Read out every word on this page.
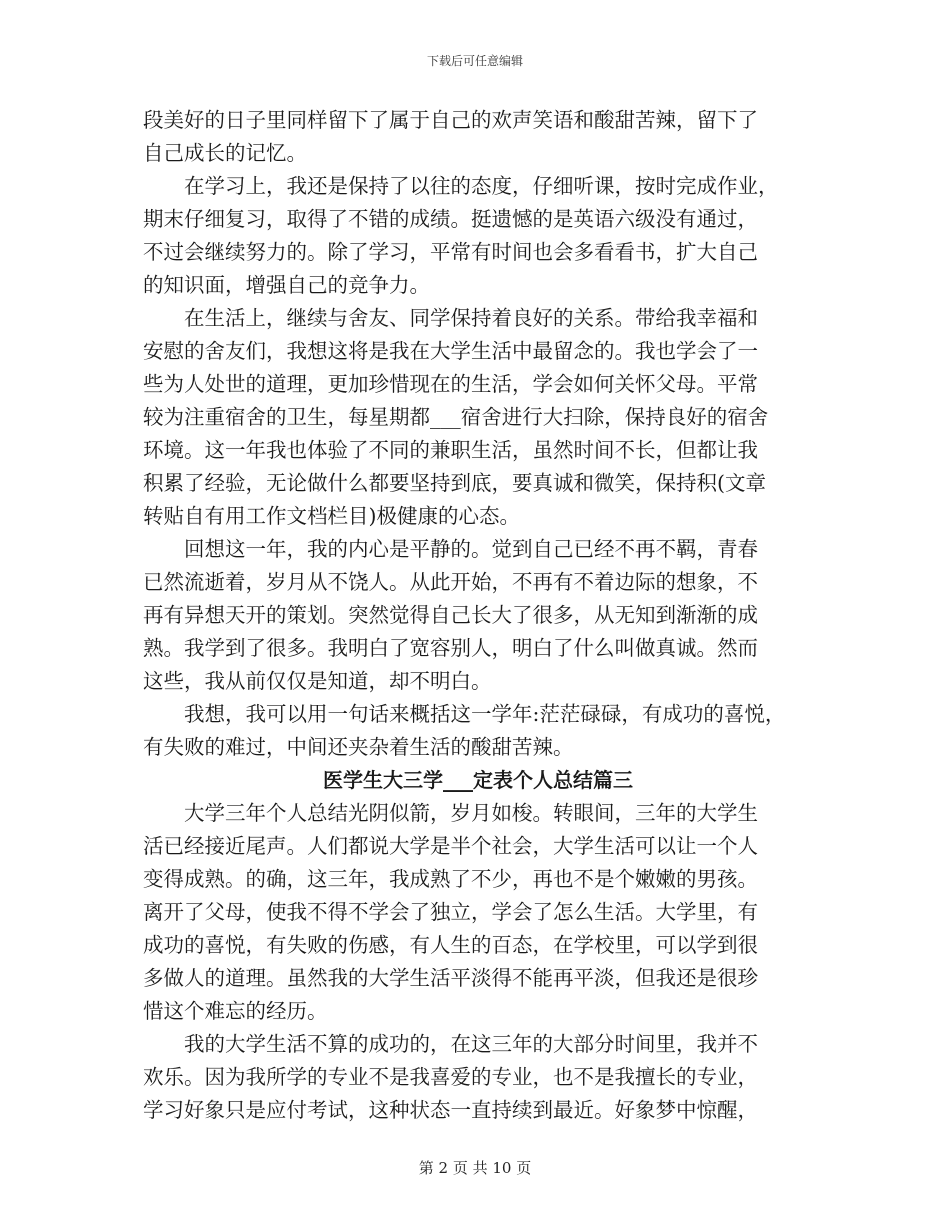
下载后可任意编辑
段美好的日子里同样留下了属于自己的欢声笑语和酸甜苦辣，留下了
自己成长的记忆。
在学习上，我还是保持了以往的态度，仔细听课，按时完成作业，
期末仔细复习，取得了不错的成绩。挺遗憾的是英语六级没有通过，
不过会继续努力的。除了学习，平常有时间也会多看看书，扩大自己
的知识面，增强自己的竞争力。
在生活上，继续与舍友、同学保持着良好的关系。带给我幸福和
安慰的舍友们，我想这将是我在大学生活中最留念的。我也学会了一
些为人处世的道理，更加珍惜现在的生活，学会如何关怀父母。平常
较为注重宿舍的卫生，每星期都___宿舍进行大扫除，保持良好的宿舍
环境。这一年我也体验了不同的兼职生活，虽然时间不长，但都让我
积累了经验，无论做什么都要坚持到底，要真诚和微笑，保持积(文章
转贴自有用工作文档栏目)极健康的心态。
回想这一年，我的内心是平静的。觉到自己已经不再不羁，青春
已然流逝着，岁月从不饶人。从此开始，不再有不着边际的想象，不
再有异想天开的策划。突然觉得自己长大了很多，从无知到渐渐的成
熟。我学到了很多。我明白了宽容别人，明白了什么叫做真诚。然而
这些，我从前仅仅是知道，却不明白。
我想，我可以用一句话来概括这一学年:茫茫碌碌，有成功的喜悦，
有失败的难过，中间还夹杂着生活的酸甜苦辣。
医学生大三学___定表个人总结篇三
大学三年个人总结光阴似箭，岁月如梭。转眼间，三年的大学生
活已经接近尾声。人们都说大学是半个社会，大学生活可以让一个人
变得成熟。的确，这三年，我成熟了不少，再也不是个嫩嫩的男孩。
离开了父母，使我不得不学会了独立，学会了怎么生活。大学里，有
成功的喜悦，有失败的伤感，有人生的百态，在学校里，可以学到很
多做人的道理。虽然我的大学生活平淡得不能再平淡，但我还是很珍
惜这个难忘的经历。
我的大学生活不算的成功的，在这三年的大部分时间里，我并不
欢乐。因为我所学的专业不是我喜爱的专业，也不是我擅长的专业，
学习好象只是应付考试，这种状态一直持续到最近。好象梦中惊醒，
第 2 页 共 10 页
